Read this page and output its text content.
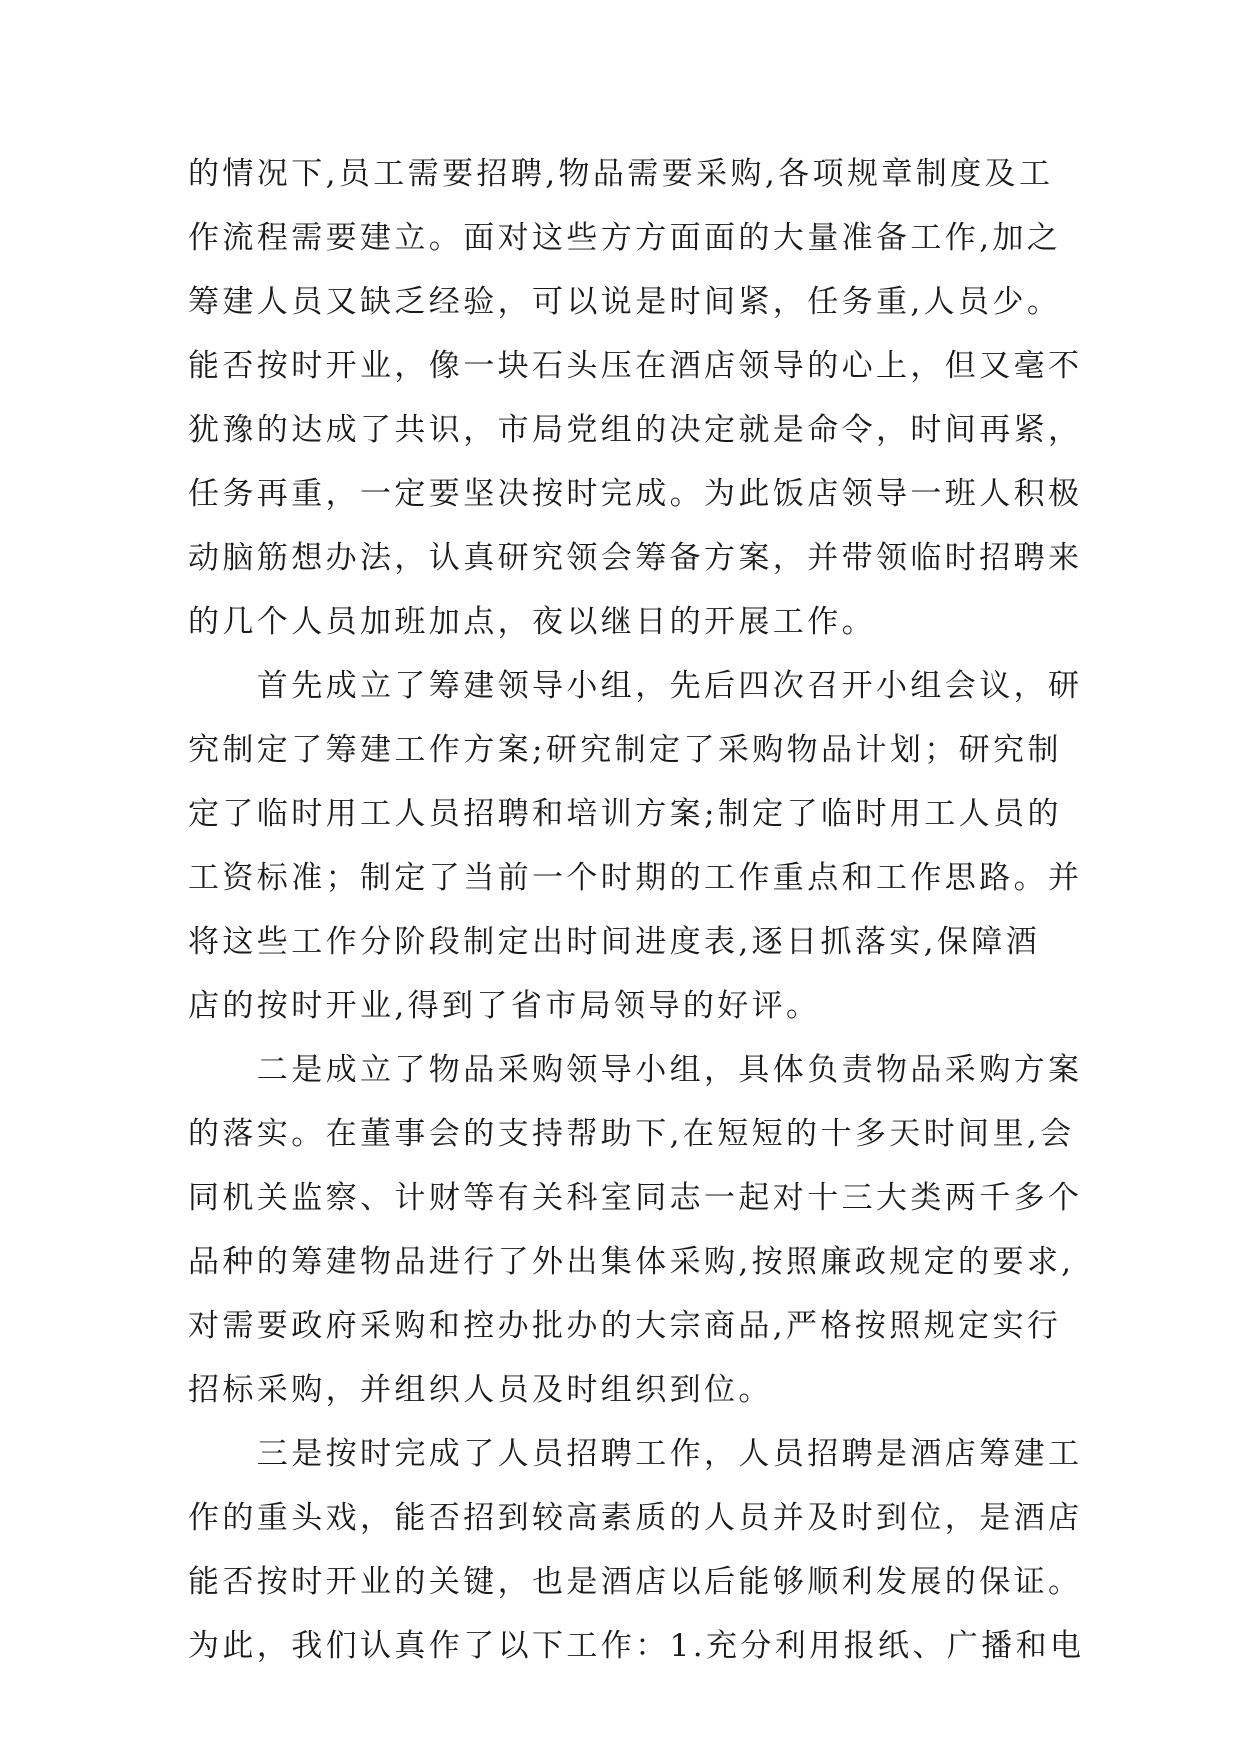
的情况下,员工需要招聘,物品需要采购,各项规章制度及工
作流程需要建立。面对这些方方面面的大量准备工作,加之
筹建人员又缺乏经验，可以说是时间紧，任务重,人员少。
能否按时开业，像一块石头压在酒店领导的心上，但又毫不
犹豫的达成了共识，市局党组的决定就是命令，时间再紧，
任务再重，一定要坚决按时完成。为此饭店领导一班人积极
动脑筋想办法，认真研究领会筹备方案，并带领临时招聘来
的几个人员加班加点，夜以继日的开展工作。
　　首先成立了筹建领导小组，先后四次召开小组会议，研
究制定了筹建工作方案;研究制定了采购物品计划；研究制
定了临时用工人员招聘和培训方案;制定了临时用工人员的
工资标准；制定了当前一个时期的工作重点和工作思路。并
将这些工作分阶段制定出时间进度表,逐日抓落实,保障酒
店的按时开业,得到了省市局领导的好评。
　　二是成立了物品采购领导小组，具体负责物品采购方案
的落实。在董事会的支持帮助下,在短短的十多天时间里,会
同机关监察、计财等有关科室同志一起对十三大类两千多个
品种的筹建物品进行了外出集体采购,按照廉政规定的要求,
对需要政府采购和控办批办的大宗商品,严格按照规定实行
招标采购，并组织人员及时组织到位。
　　三是按时完成了人员招聘工作，人员招聘是酒店筹建工
作的重头戏，能否招到较高素质的人员并及时到位，是酒店
能否按时开业的关键，也是酒店以后能够顺利发展的保证。
为此，我们认真作了以下工作：1.充分利用报纸、广播和电
